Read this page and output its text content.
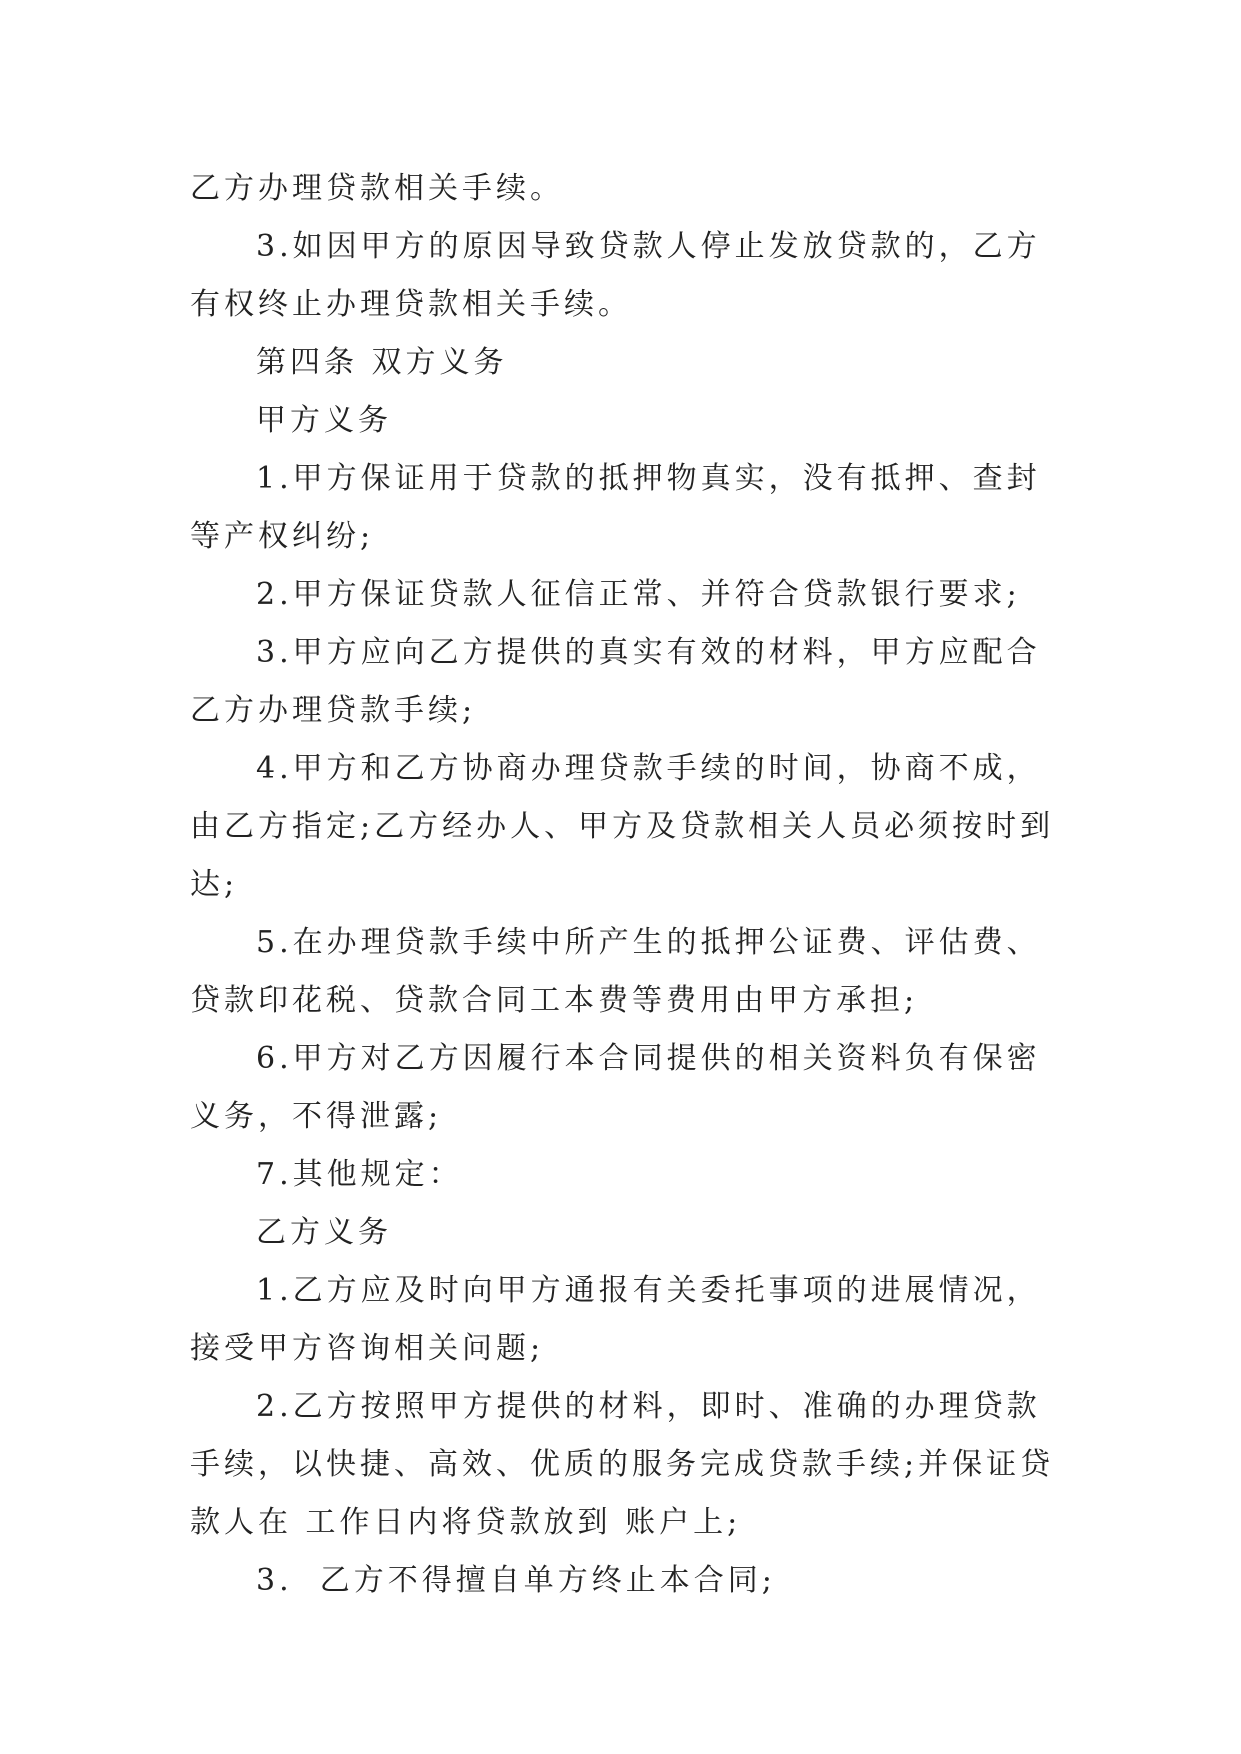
乙方办理贷款相关手续。

3.如因甲方的原因导致贷款人停止发放贷款的，乙方有权终止办理贷款相关手续。

第四条 双方义务

甲方义务

1.甲方保证用于贷款的抵押物真实，没有抵押、查封等产权纠纷;

2.甲方保证贷款人征信正常、并符合贷款银行要求;

3.甲方应向乙方提供的真实有效的材料，甲方应配合乙方办理贷款手续;

4.甲方和乙方协商办理贷款手续的时间，协商不成，由乙方指定;乙方经办人、甲方及贷款相关人员必须按时到达;

5.在办理贷款手续中所产生的抵押公证费、评估费、贷款印花税、贷款合同工本费等费用由甲方承担;

6.甲方对乙方因履行本合同提供的相关资料负有保密义务，不得泄露;

7.其他规定：

乙方义务

1.乙方应及时向甲方通报有关委托事项的进展情况，接受甲方咨询相关问题;

2.乙方按照甲方提供的材料，即时、准确的办理贷款手续，以快捷、高效、优质的服务完成贷款手续;并保证贷款人在 工作日内将贷款放到 账户上;

3.  乙方不得擅自单方终止本合同;
